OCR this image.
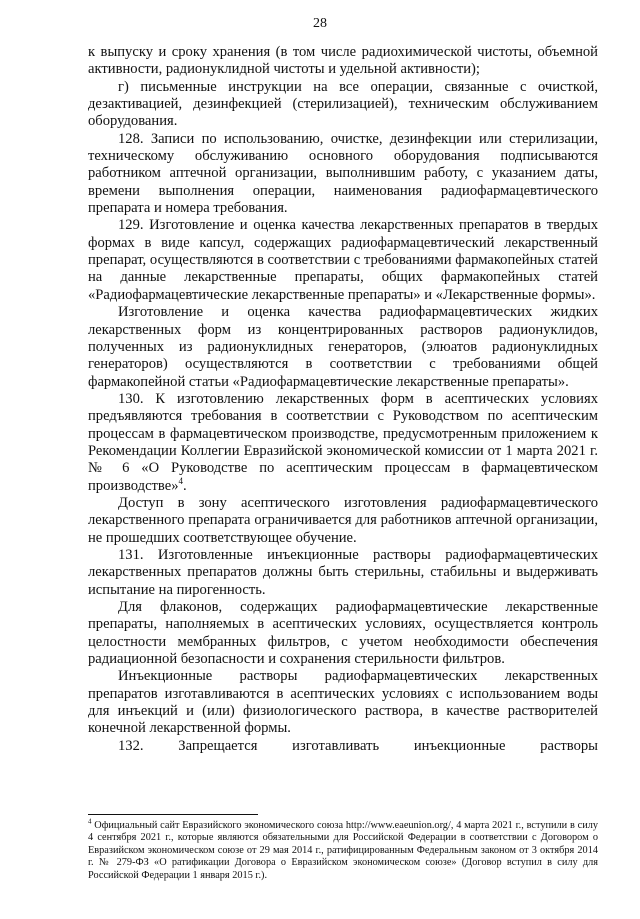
28

к выпуску и сроку хранения (в том числе радиохимической чистоты, объемной активности, радионуклидной чистоты и удельной активности);

г) письменные инструкции на все операции, связанные с очисткой, дезактивацией, дезинфекцией (стерилизацией), техническим обслуживанием оборудования.

128. Записи по использованию, очистке, дезинфекции или стерилизации, техническому обслуживанию основного оборудования подписываются работником аптечной организации, выполнившим работу, с указанием даты, времени выполнения операции, наименования радиофармацевтического препарата и номера требования.

129. Изготовление и оценка качества лекарственных препаратов в твердых формах в виде капсул, содержащих радиофармацевтический лекарственный препарат, осуществляются в соответствии с требованиями фармакопейных статей на данные лекарственные препараты, общих фармакопейных статей «Радиофармацевтические лекарственные препараты» и «Лекарственные формы».

Изготовление и оценка качества радиофармацевтических жидких лекарственных форм из концентрированных растворов радионуклидов, полученных из радионуклидных генераторов, (элюатов радионуклидных генераторов) осуществляются в соответствии с требованиями общей фармакопейной статьи «Радиофармацевтические лекарственные препараты».

130. К изготовлению лекарственных форм в асептических условиях предъявляются требования в соответствии с Руководством по асептическим процессам в фармацевтическом производстве, предусмотренным приложением к Рекомендации Коллегии Евразийской экономической комиссии от 1 марта 2021 г. № 6 «О Руководстве по асептическим процессам в фармацевтическом производстве»$^4$.

Доступ в зону асептического изготовления радиофармацевтического лекарственного препарата ограничивается для работников аптечной организации, не прошедших соответствующее обучение.

131. Изготовленные инъекционные растворы радиофармацевтических лекарственных препаратов должны быть стерильны, стабильны и выдерживать испытание на пирогенность.

Для флаконов, содержащих радиофармацевтические лекарственные препараты, наполняемых в асептических условиях, осуществляется контроль целостности мембранных фильтров, с учетом необходимости обеспечения радиационной безопасности и сохранения стерильности фильтров.

Инъекционные растворы радиофармацевтических лекарственных препаратов изготавливаются в асептических условиях с использованием воды для инъекций и (или) физиологического раствора, в качестве растворителей конечной лекарственной формы.

132. Запрещается изготавливать инъекционные растворы

$^4$ Официальный сайт Евразийского экономического союза http://www.eaeunion.org/, 4 марта 2021 г., вступили в силу 4 сентября 2021 г., которые являются обязательными для Российской Федерации в соответствии с Договором о Евразийском экономическом союзе от 29 мая 2014 г., ратифицированным Федеральным законом от 3 октября 2014 г. № 279-ФЗ «О ратификации Договора о Евразийском экономическом союзе» (Договор вступил в силу для Российской Федерации 1 января 2015 г.).
